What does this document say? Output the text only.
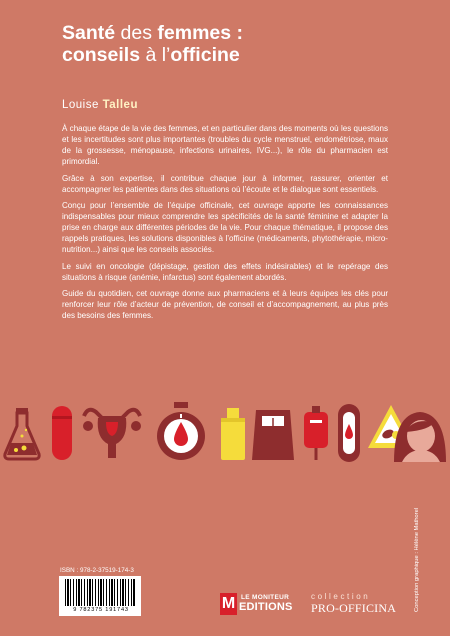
Santé des femmes :
conseils à l’officine
Louise Talleu

À chaque étape de la vie des femmes, et en particulier dans des moments où les questions et les incertitudes sont plus importantes (troubles du cycle menstruel, endométriose, maux de la grossesse, ménopause, infections urinaires, IVG...), le rôle du pharmacien est primordial.

Grâce à son expertise, il contribue chaque jour à informer, rassurer, orienter et accompagner les patientes dans des situations où l’écoute et le dialogue sont essentiels.

Conçu pour l’ensemble de l’équipe officinale, cet ouvrage apporte les connaissances indispensables pour mieux comprendre les spécificités de la santé féminine et adapter la prise en charge aux différentes périodes de la vie. Pour chaque thématique, il propose des rappels pratiques, les solutions disponibles à l’officine (médicaments, phytothérapie, micro-nutrition...) ainsi que les conseils associés.

Le suivi en oncologie (dépistage, gestion des effets indésirables) et le repérage des situations à risque (anémie, infarctus) sont également abordés.

Guide du quotidien, cet ouvrage donne aux pharmaciens et à leurs équipes les clés pour renforcer leur rôle d’acteur de prévention, de conseil et d’accompagnement, au plus près des besoins des femmes.

ISBN : 978-2-37519-174-3
9 782375 191743	M LE MONITEUR
EDITIONS
collection
PRO-OFFICINA	Conception graphique : Hélène Mathorel
